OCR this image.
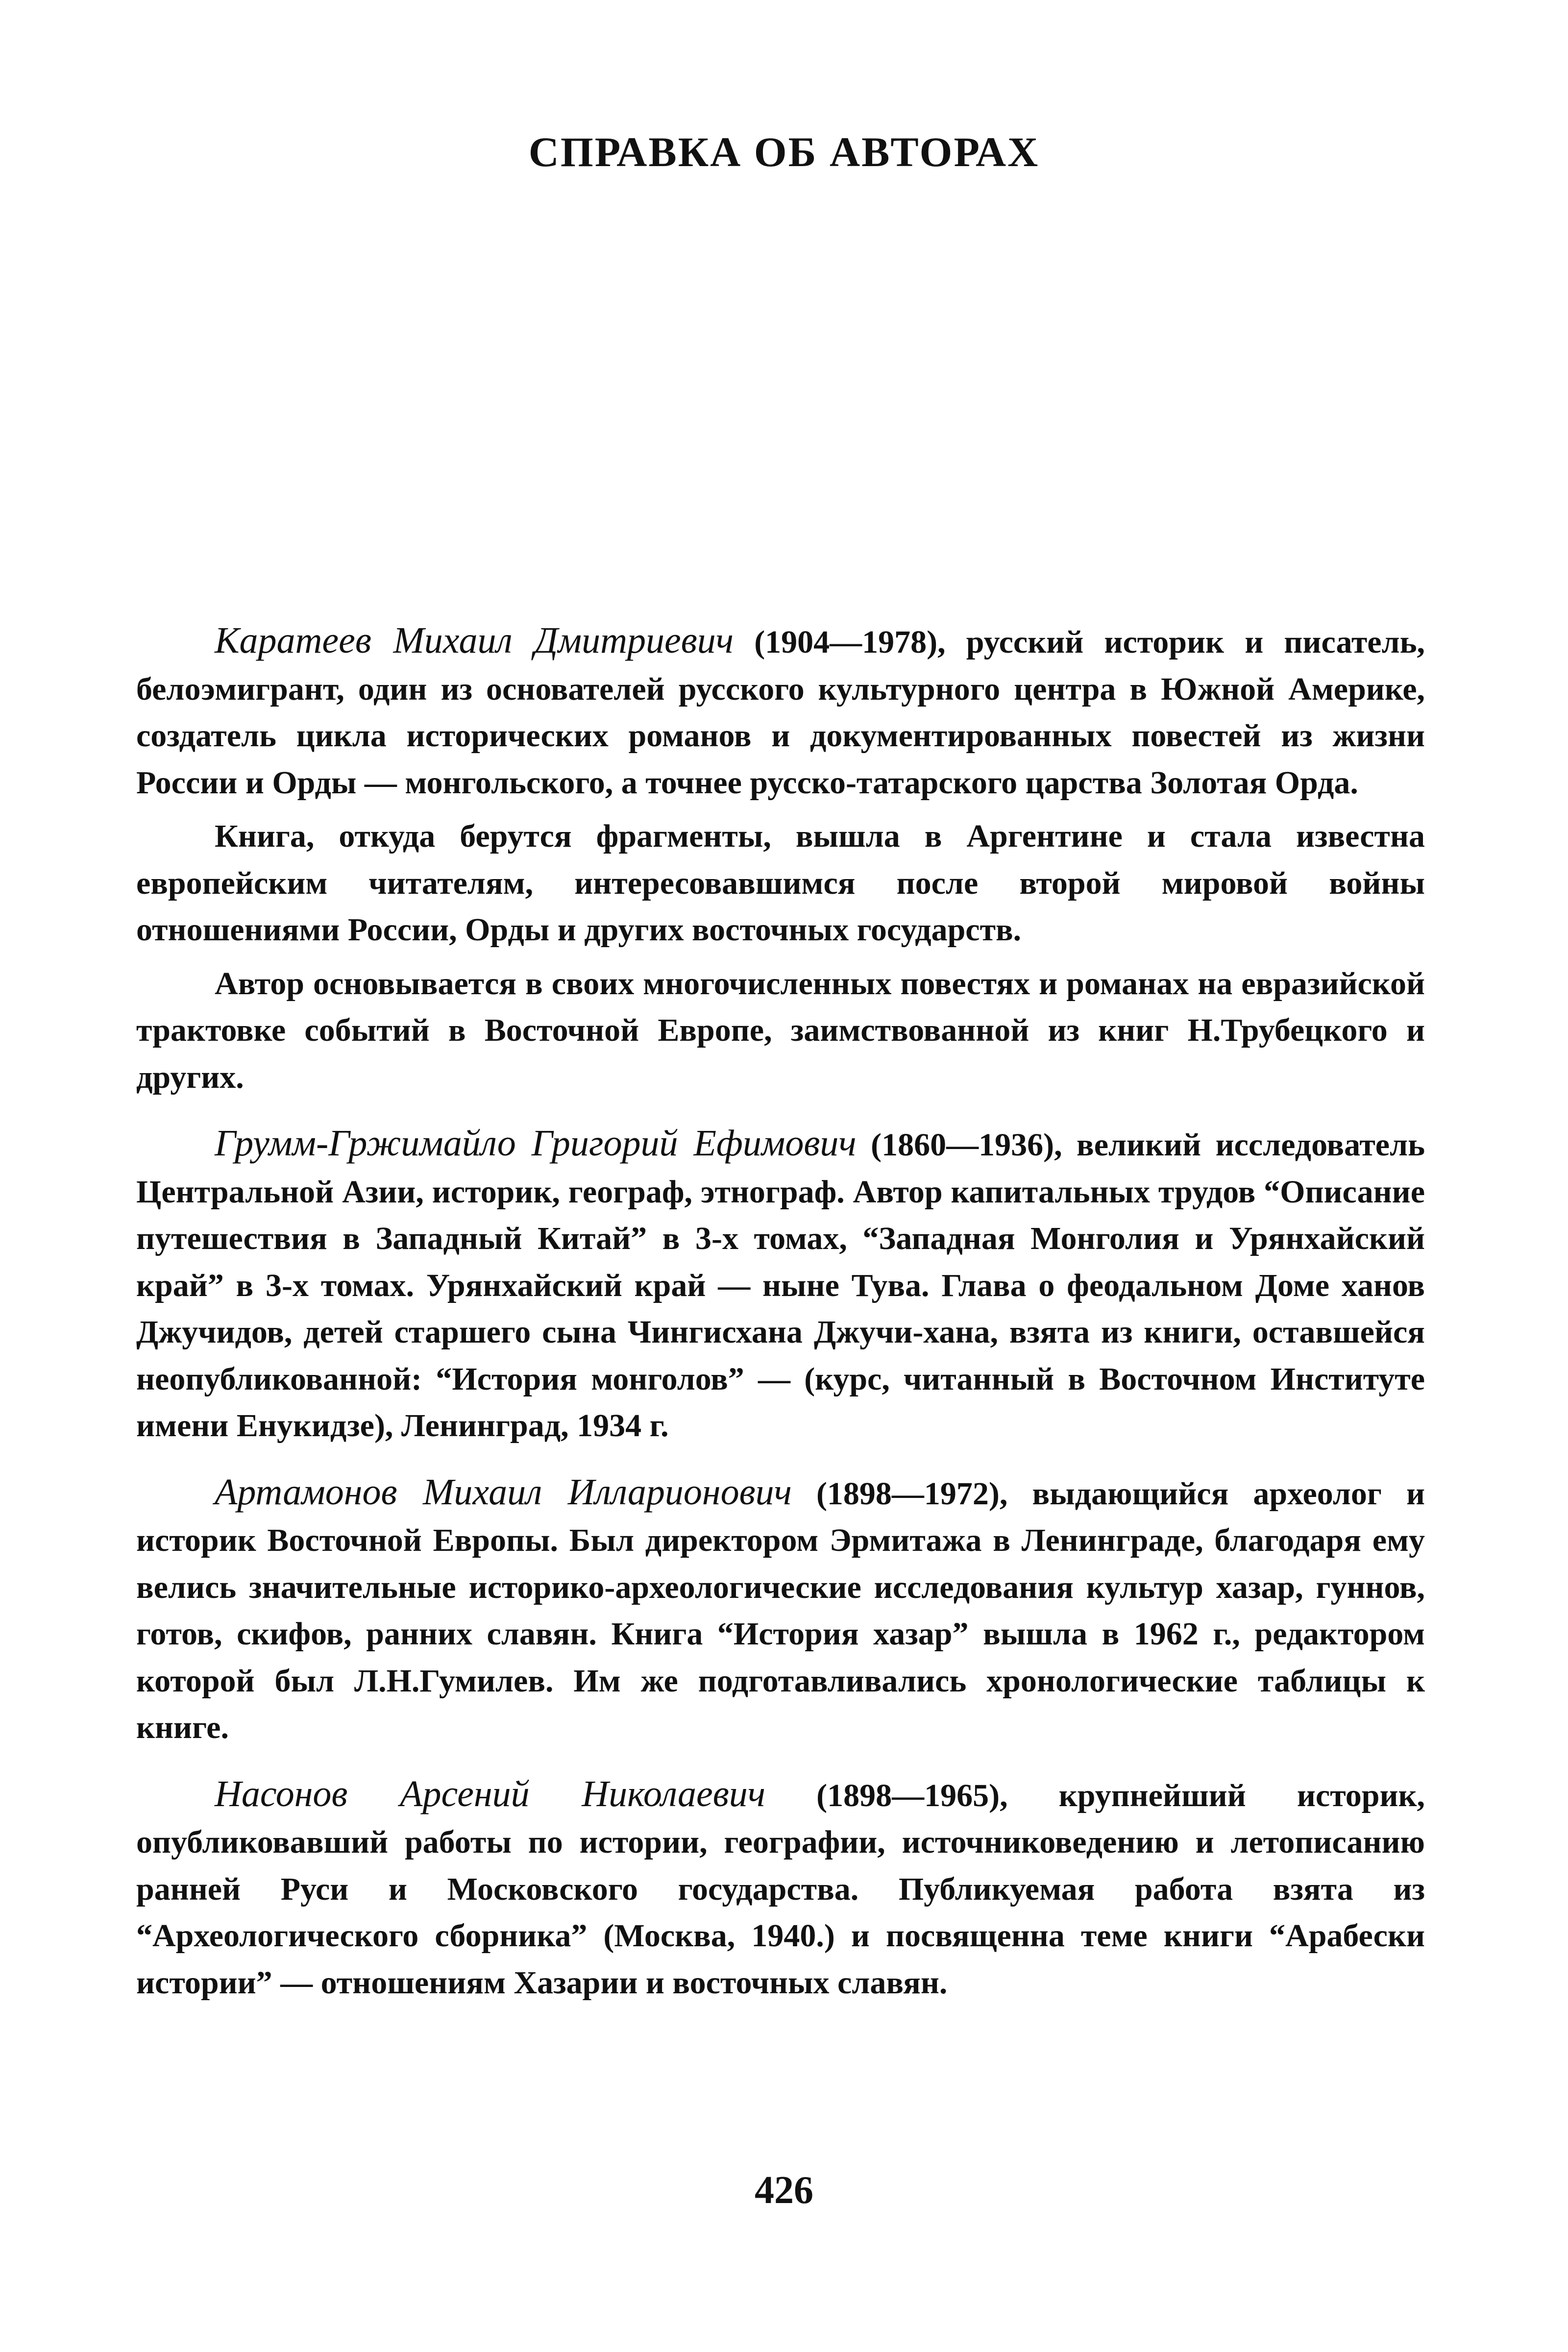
СПРАВКА ОБ АВТОРАХ

Каратеев Михаил Дмитриевич (1904—1978), русский историк и писатель, белоэмигрант, один из основателей русского культурного центра в Южной Америке, создатель цикла исторических романов и документированных повестей из жизни России и Орды — монгольского, а точнее русско-татарского царства Золотая Орда.

Книга, откуда берутся фрагменты, вышла в Аргентине и стала известна европейским читателям, интересовавшимся после второй мировой войны отношениями России, Орды и других восточных государств.

Автор основывается в своих многочисленных повестях и романах на евразийской трактовке событий в Восточной Европе, заимствованной из книг Н.Трубецкого и других.

Грумм-Гржимайло Григорий Ефимович (1860—1936), великий исследователь Центральной Азии, историк, географ, этнограф. Автор капитальных трудов “Описание путешествия в Западный Китай” в 3-х томах, “Западная Монголия и Урянхайский край” в 3-х томах. Урянхайский край — ныне Тува. Глава о феодальном Доме ханов Джучидов, детей старшего сына Чингисхана Джучи-хана, взята из книги, оставшейся неопубликованной: “История монголов” — (курс, читанный в Восточном Институте имени Енукидзе), Ленинград, 1934 г.

Артамонов Михаил Илларионович (1898—1972), выдающийся археолог и историк Восточной Европы. Был директором Эрмитажа в Ленинграде, благодаря ему велись значительные историко-археологические исследования культур хазар, гуннов, готов, скифов, ранних славян. Книга “История хазар” вышла в 1962 г., редактором которой был Л.Н.Гумилев. Им же подготавливались хронологические таблицы к книге.

Насонов Арсений Николаевич (1898—1965), крупнейший историк, опубликовавший работы по истории, географии, источниковедению и летописанию ранней Руси и Московского государства. Публикуемая работа взята из “Археологического сборника” (Москва, 1940.) и посвященна теме книги “Арабески истории” — отношениям Хазарии и восточных славян.

426
